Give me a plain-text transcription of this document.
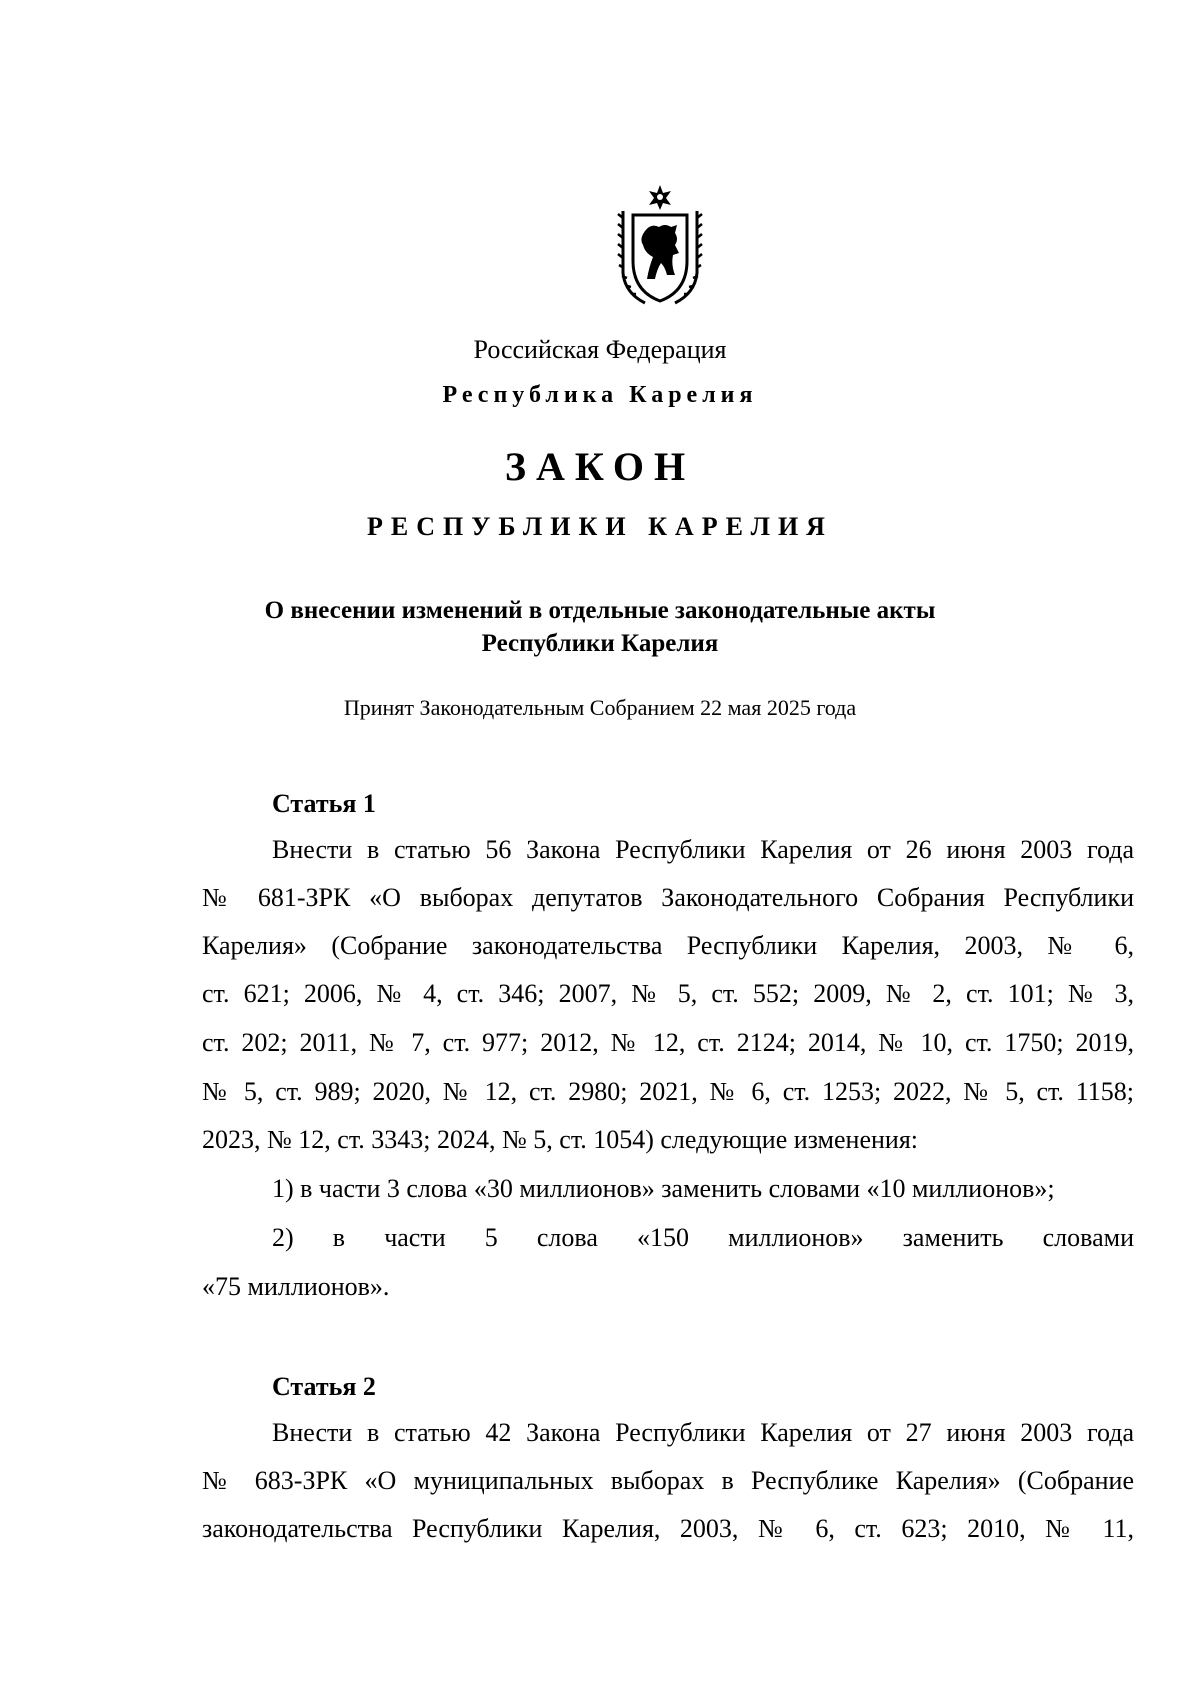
Российская Федерация
Республика Карелия
ЗАКОН
РЕСПУБЛИКИ КАРЕЛИЯ
О внесении изменений в отдельные законодательные акты
Республики Карелия
Принят Законодательным Собранием 22 мая 2025 года
Статья 1
Внести в статью 56 Закона Республики Карелия от 26 июня 2003 года
№ 681-ЗРК «О выборах депутатов Законодательного Собрания Республики
Карелия» (Собрание законодательства Республики Карелия, 2003, № 6,
ст. 621; 2006, № 4, ст. 346; 2007, № 5, ст. 552; 2009, № 2, ст. 101; № 3,
ст. 202; 2011, № 7, ст. 977; 2012, № 12, ст. 2124; 2014, № 10, ст. 1750; 2019,
№ 5, ст. 989; 2020, № 12, ст. 2980; 2021, № 6, ст. 1253; 2022, № 5, ст. 1158;
2023, № 12, ст. 3343; 2024, № 5, ст. 1054) следующие изменения:
1) в части 3 слова «30 миллионов» заменить словами «10 миллионов»;
2) в части 5 слова «150 миллионов» заменить словами
«75 миллионов».
Статья 2
Внести в статью 42 Закона Республики Карелия от 27 июня 2003 года
№ 683-ЗРК «О муниципальных выборах в Республике Карелия» (Собрание
законодательства Республики Карелия, 2003, № 6, ст. 623; 2010, № 11,
